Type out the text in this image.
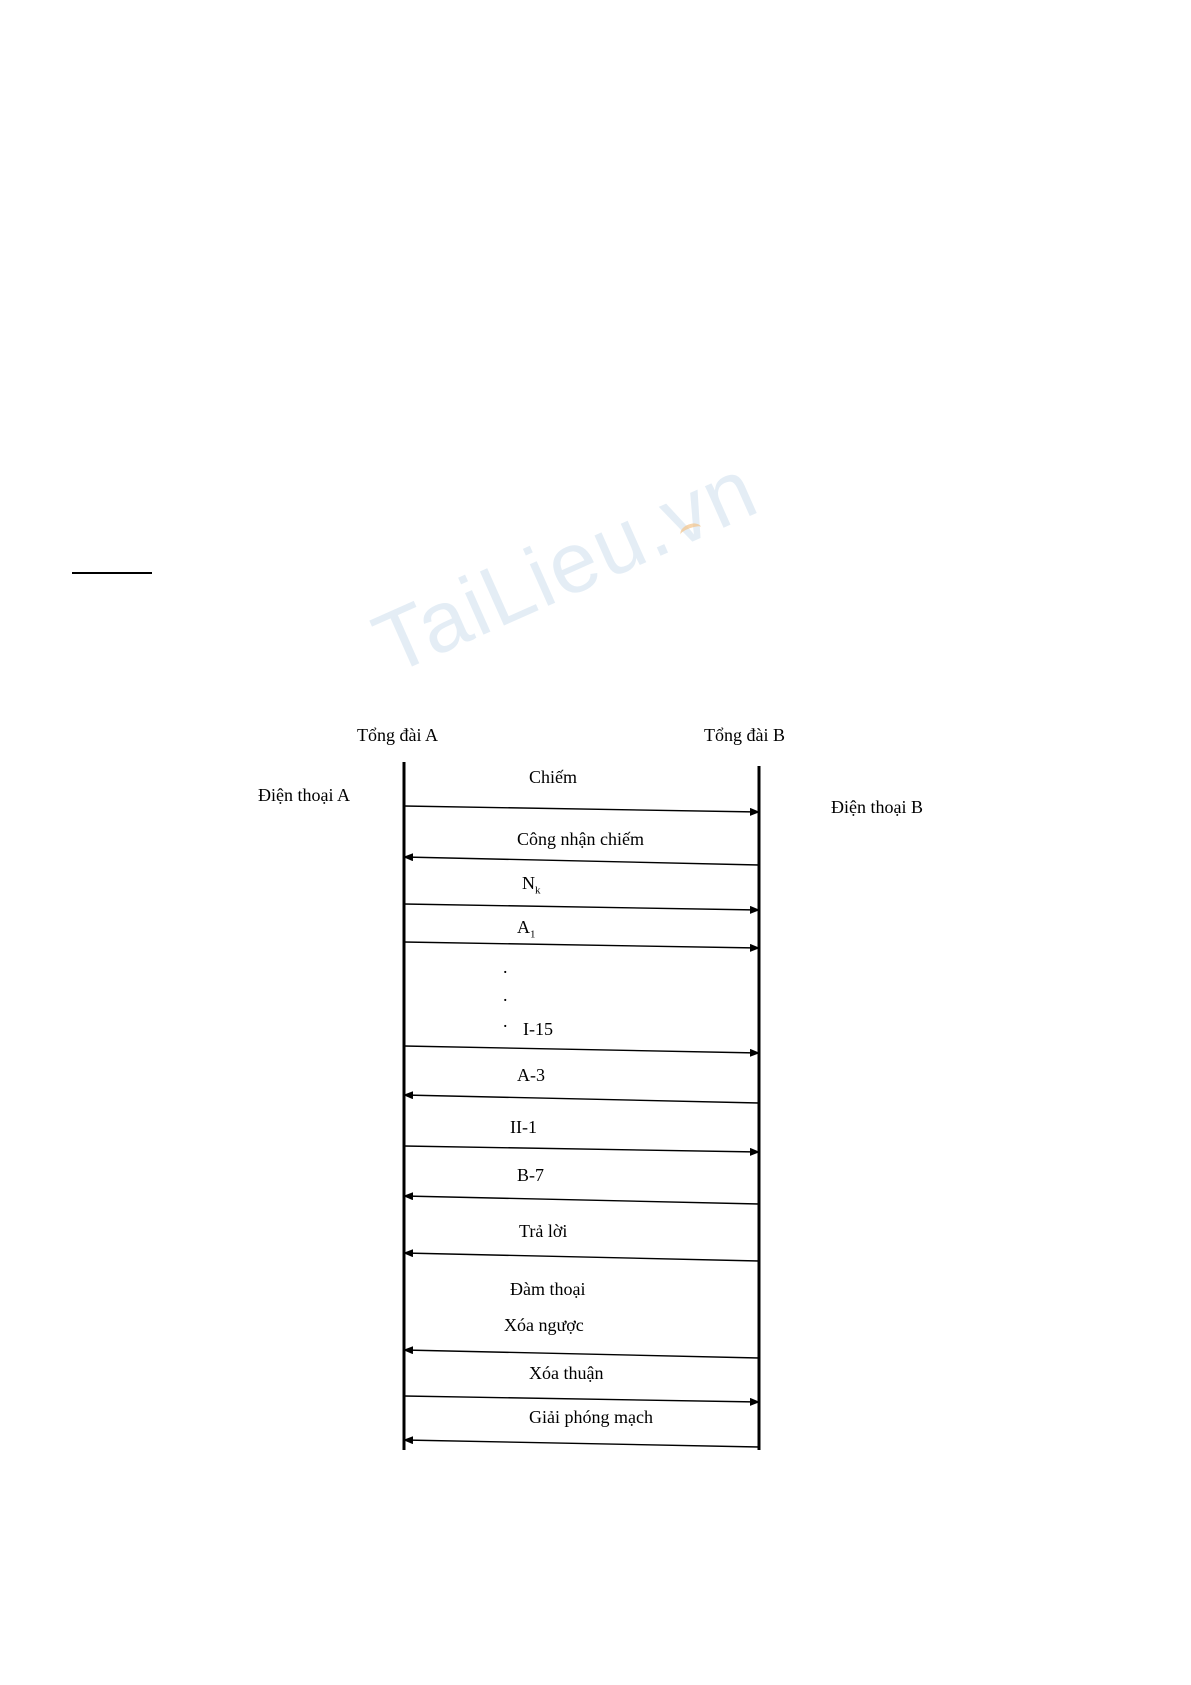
TaiLieu.vn
Tổng đài A	Tổng đài B
Điện thoại A
Điện thoại B
Chiếm
Công nhận chiếm
$N_k$
$A_1$
.
.
. I-15
A-3
II-1
B-7
Trả lời
Đàm thoại
Xóa ngược
Xóa thuận
Giải phóng mạch
